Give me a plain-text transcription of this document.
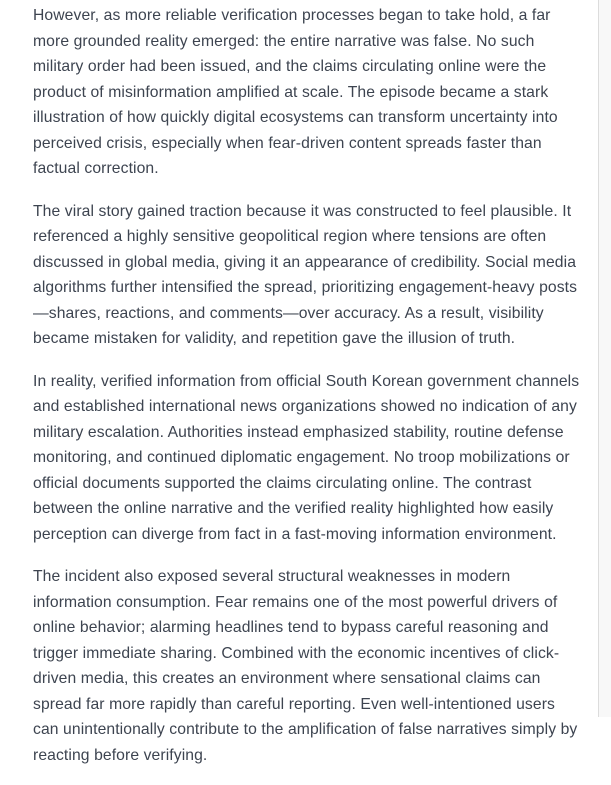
However, as more reliable verification processes began to take hold, a far more grounded reality emerged: the entire narrative was false. No such military order had been issued, and the claims circulating online were the product of misinformation amplified at scale. The episode became a stark illustration of how quickly digital ecosystems can transform uncertainty into perceived crisis, especially when fear-driven content spreads faster than factual correction.

The viral story gained traction because it was constructed to feel plausible. It referenced a highly sensitive geopolitical region where tensions are often discussed in global media, giving it an appearance of credibility. Social media algorithms further intensified the spread, prioritizing engagement-heavy posts—shares, reactions, and comments—over accuracy. As a result, visibility became mistaken for validity, and repetition gave the illusion of truth.

In reality, verified information from official South Korean government channels and established international news organizations showed no indication of any military escalation. Authorities instead emphasized stability, routine defense monitoring, and continued diplomatic engagement. No troop mobilizations or official documents supported the claims circulating online. The contrast between the online narrative and the verified reality highlighted how easily perception can diverge from fact in a fast-moving information environment.

The incident also exposed several structural weaknesses in modern information consumption. Fear remains one of the most powerful drivers of online behavior; alarming headlines tend to bypass careful reasoning and trigger immediate sharing. Combined with the economic incentives of click-driven media, this creates an environment where sensational claims can spread far more rapidly than careful reporting. Even well-intentioned users can unintentionally contribute to the amplification of false narratives simply by reacting before verifying.
